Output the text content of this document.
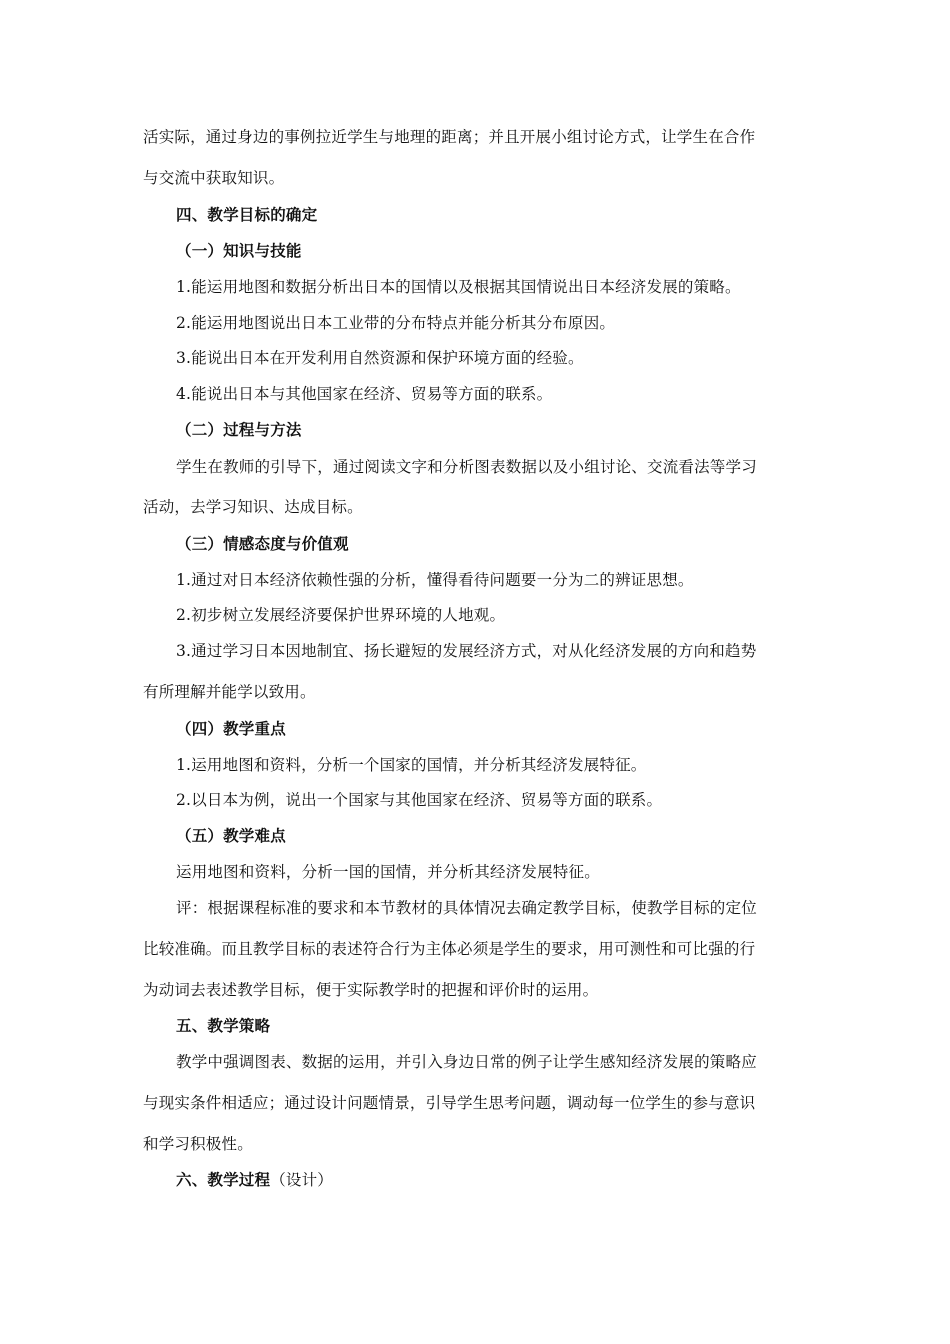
活实际，通过身边的事例拉近学生与地理的距离；并且开展小组讨论方式，让学生在合作
与交流中获取知识。
四、教学目标的确定
（一）知识与技能
1.能运用地图和数据分析出日本的国情以及根据其国情说出日本经济发展的策略。
2.能运用地图说出日本工业带的分布特点并能分析其分布原因。
3.能说出日本在开发利用自然资源和保护环境方面的经验。
4.能说出日本与其他国家在经济、贸易等方面的联系。
（二）过程与方法
学生在教师的引导下，通过阅读文字和分析图表数据以及小组讨论、交流看法等学习
活动，去学习知识、达成目标。
（三）情感态度与价值观
1.通过对日本经济依赖性强的分析，懂得看待问题要一分为二的辨证思想。
2.初步树立发展经济要保护世界环境的人地观。
3.通过学习日本因地制宜、扬长避短的发展经济方式，对从化经济发展的方向和趋势
有所理解并能学以致用。
（四）教学重点
1.运用地图和资料，分析一个国家的国情，并分析其经济发展特征。
2.以日本为例，说出一个国家与其他国家在经济、贸易等方面的联系。
（五）教学难点
运用地图和资料，分析一国的国情，并分析其经济发展特征。
评：根据课程标准的要求和本节教材的具体情况去确定教学目标，使教学目标的定位
比较准确。而且教学目标的表述符合行为主体必须是学生的要求，用可测性和可比强的行
为动词去表述教学目标，便于实际教学时的把握和评价时的运用。
五、教学策略
教学中强调图表、数据的运用，并引入身边日常的例子让学生感知经济发展的策略应
与现实条件相适应；通过设计问题情景，引导学生思考问题，调动每一位学生的参与意识
和学习积极性。
六、教学过程（设计）
